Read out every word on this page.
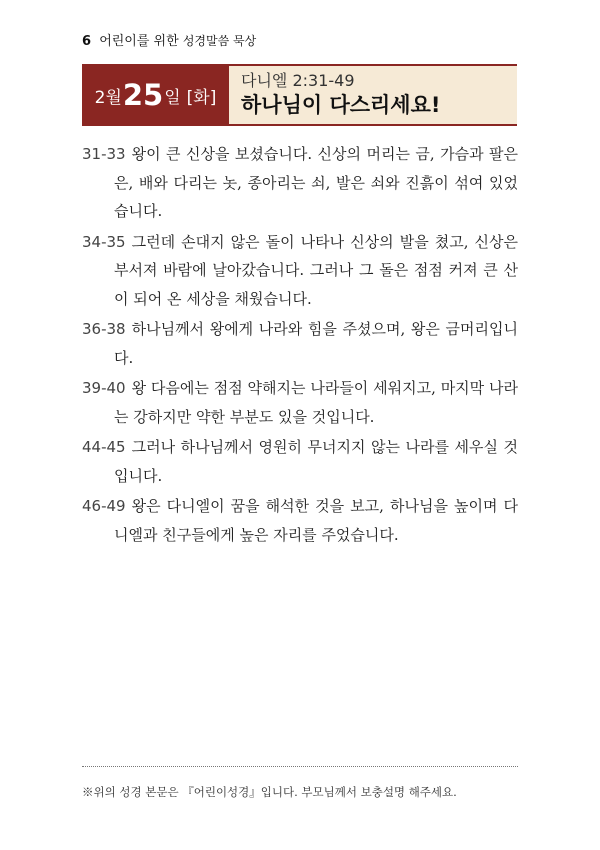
6 어린이를 위한 성경말씀 묵상
2월 25 일 [화]
다니엘 2:31-49
하나님이 다스리세요!

31-33 왕이 큰 신상을 보셨습니다. 신상의 머리는 금, 가슴과 팔은 은, 배와 다리는 놋, 종아리는 쇠, 발은 쇠와 진흙이 섞여 있었습니다.

34-35 그런데 손대지 않은 돌이 나타나 신상의 발을 쳤고, 신상은 부서져 바람에 날아갔습니다. 그러나 그 돌은 점점 커져 큰 산이 되어 온 세상을 채웠습니다.

36-38 하나님께서 왕에게 나라와 힘을 주셨으며, 왕은 금머리입니다.

39-40 왕 다음에는 점점 약해지는 나라들이 세워지고, 마지막 나라는 강하지만 약한 부분도 있을 것입니다.

44-45 그러나 하나님께서 영원히 무너지지 않는 나라를 세우실 것입니다.

46-49 왕은 다니엘이 꿈을 해석한 것을 보고, 하나님을 높이며 다니엘과 친구들에게 높은 자리를 주었습니다.

※위의 성경 본문은 『어린이성경』입니다. 부모님께서 보충설명 해주세요.
